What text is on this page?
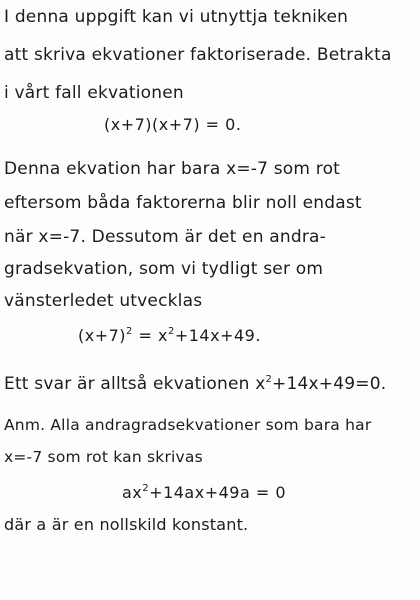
I denna uppgift kan vi utnyttja tekniken
att skriva ekvationer faktoriserade. Betrakta
i vårt fall ekvationen
(x+7)(x+7) = 0.
Denna ekvation har bara x=-7 som rot
eftersom båda faktorerna blir noll endast
när x=-7. Dessutom är det en andra-
gradsekvation, som vi tydligt ser om
vänsterledet utvecklas
$(x+7)^2 = x^2+14x+49$.
Ett svar är alltså ekvationen $x^2+14x+49=0$.
Anm. Alla andragradsekvationer som bara har
x=-7 som rot kan skrivas
$ax^2+14ax+49a = 0$
där a är en nollskild konstant.
